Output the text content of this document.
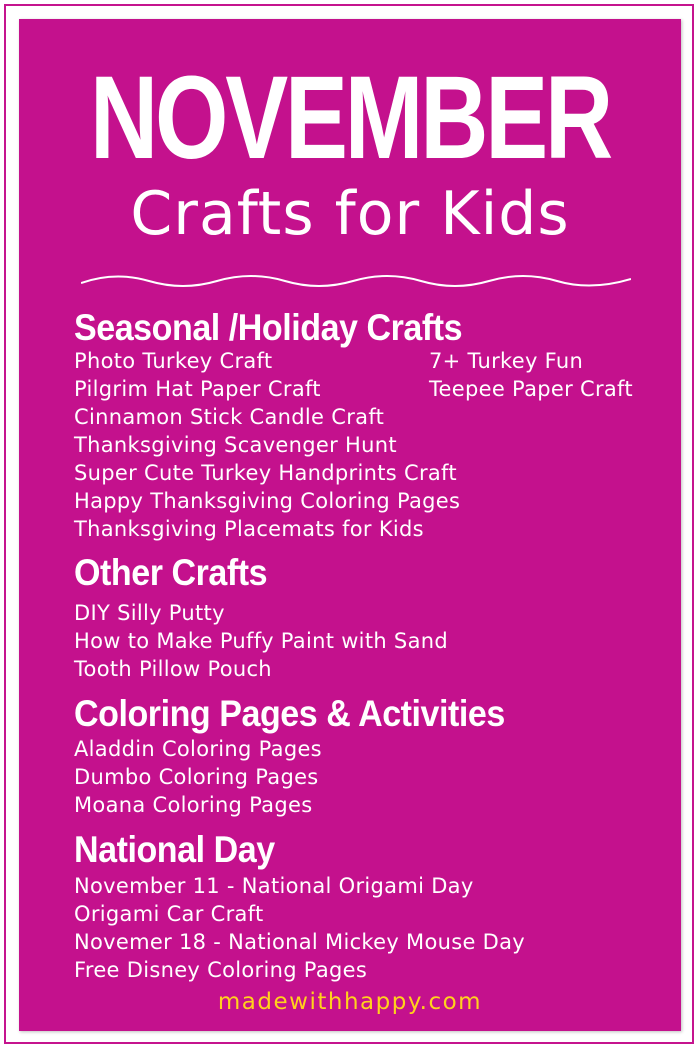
NOVEMBER
Crafts for Kids
Seasonal /Holiday Crafts
Photo Turkey Craft
Pilgrim Hat Paper Craft
Cinnamon Stick Candle Craft
Thanksgiving Scavenger Hunt
Super Cute Turkey Handprints Craft
Happy Thanksgiving Coloring Pages
Thanksgiving Placemats for Kids
7+ Turkey Fun
Teepee Paper Craft
Other Crafts
DIY Silly Putty
How to Make Puffy Paint with Sand
Tooth Pillow Pouch
Coloring Pages & Activities
Aladdin Coloring Pages
Dumbo Coloring Pages
Moana Coloring Pages
National Day
November 11 - National Origami Day
Origami Car Craft
Novemer 18 - National Mickey Mouse Day
Free Disney Coloring Pages
madewithhappy.com
